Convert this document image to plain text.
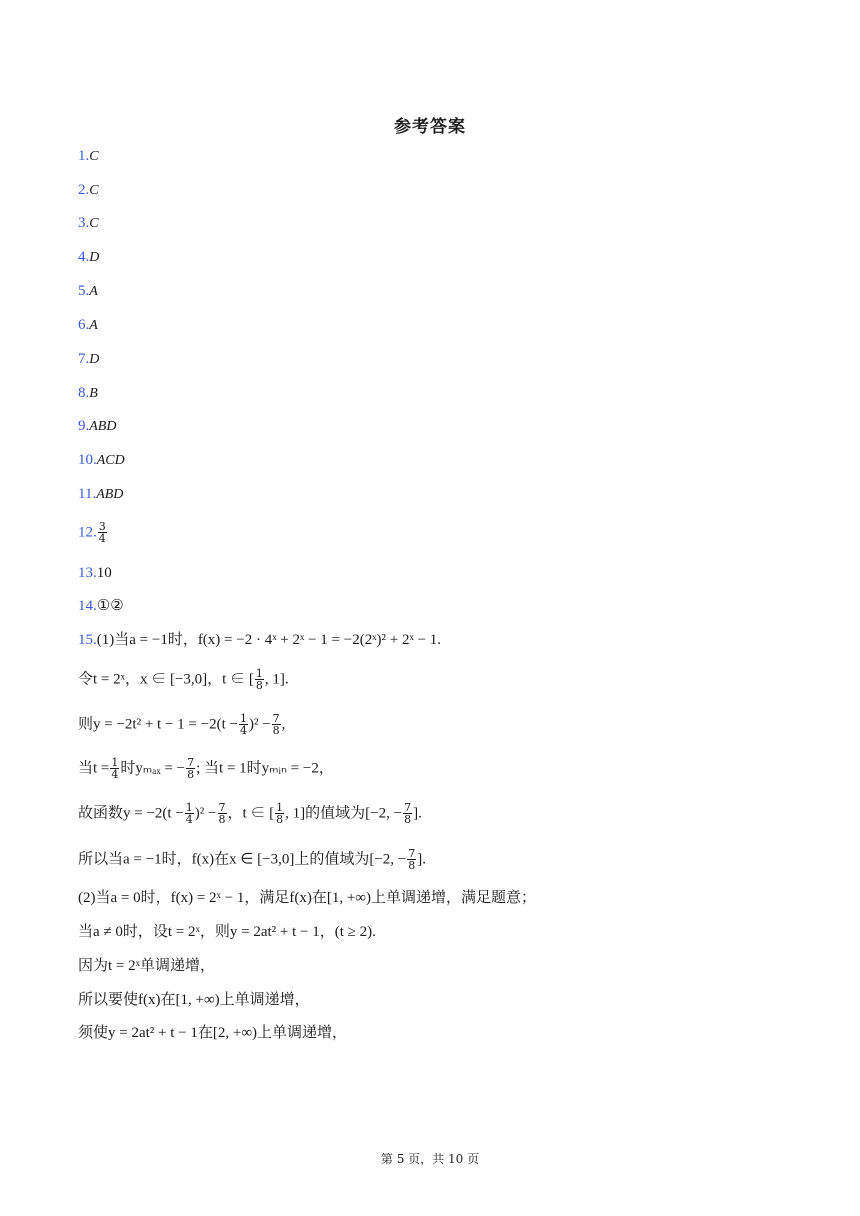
参考答案
1.C
2.C
3.C
4.D
5.A
6.A
7.D
8.B
9.ABD
10.ACD
11.ABD
12. $\frac{3}{4}$
13.10
14.①②
15.(1)当a = −1时，f(x) = −2 · 4ˣ + 2ˣ − 1 = −2(2ˣ)² + 2ˣ − 1.
令t = 2ˣ，x ∈ [−3,0]，t ∈ [ $\frac{1}{8}$ , 1].
则$y = -2t^2 + t - 1 = -2(t - \frac{1}{4} )^2 - \frac{7}{8}$ ,
当$t = \frac{1}{4}$ 时yₘₐₓ = − $\frac{7}{8}$ ; 当t = 1时yₘᵢₙ = −2，
故函数$y = -2(t - \frac{1}{4} )^2 - \frac{7}{8}$ ，t ∈ [ $\frac{1}{8}$ , 1]的值域为[−2, − $\frac{7}{8}$ ].
所以当a = −1时，f(x)在x ∈ [−3,0]上的值域为[−2, − $\frac{7}{8}$ ].
(2)当a = 0时，f(x) = 2ˣ − 1，满足f(x)在[1, +∞)上单调递增，满足题意；
当a ≠ 0时，设t = 2ˣ，则y = 2at² + t − 1，(t ≥ 2).
因为t = 2ˣ单调递增，
所以要使f(x)在[1, +∞)上单调递增，
须使y = 2at² + t − 1在[2, +∞)上单调递增，
第 5 页，共 10 页
